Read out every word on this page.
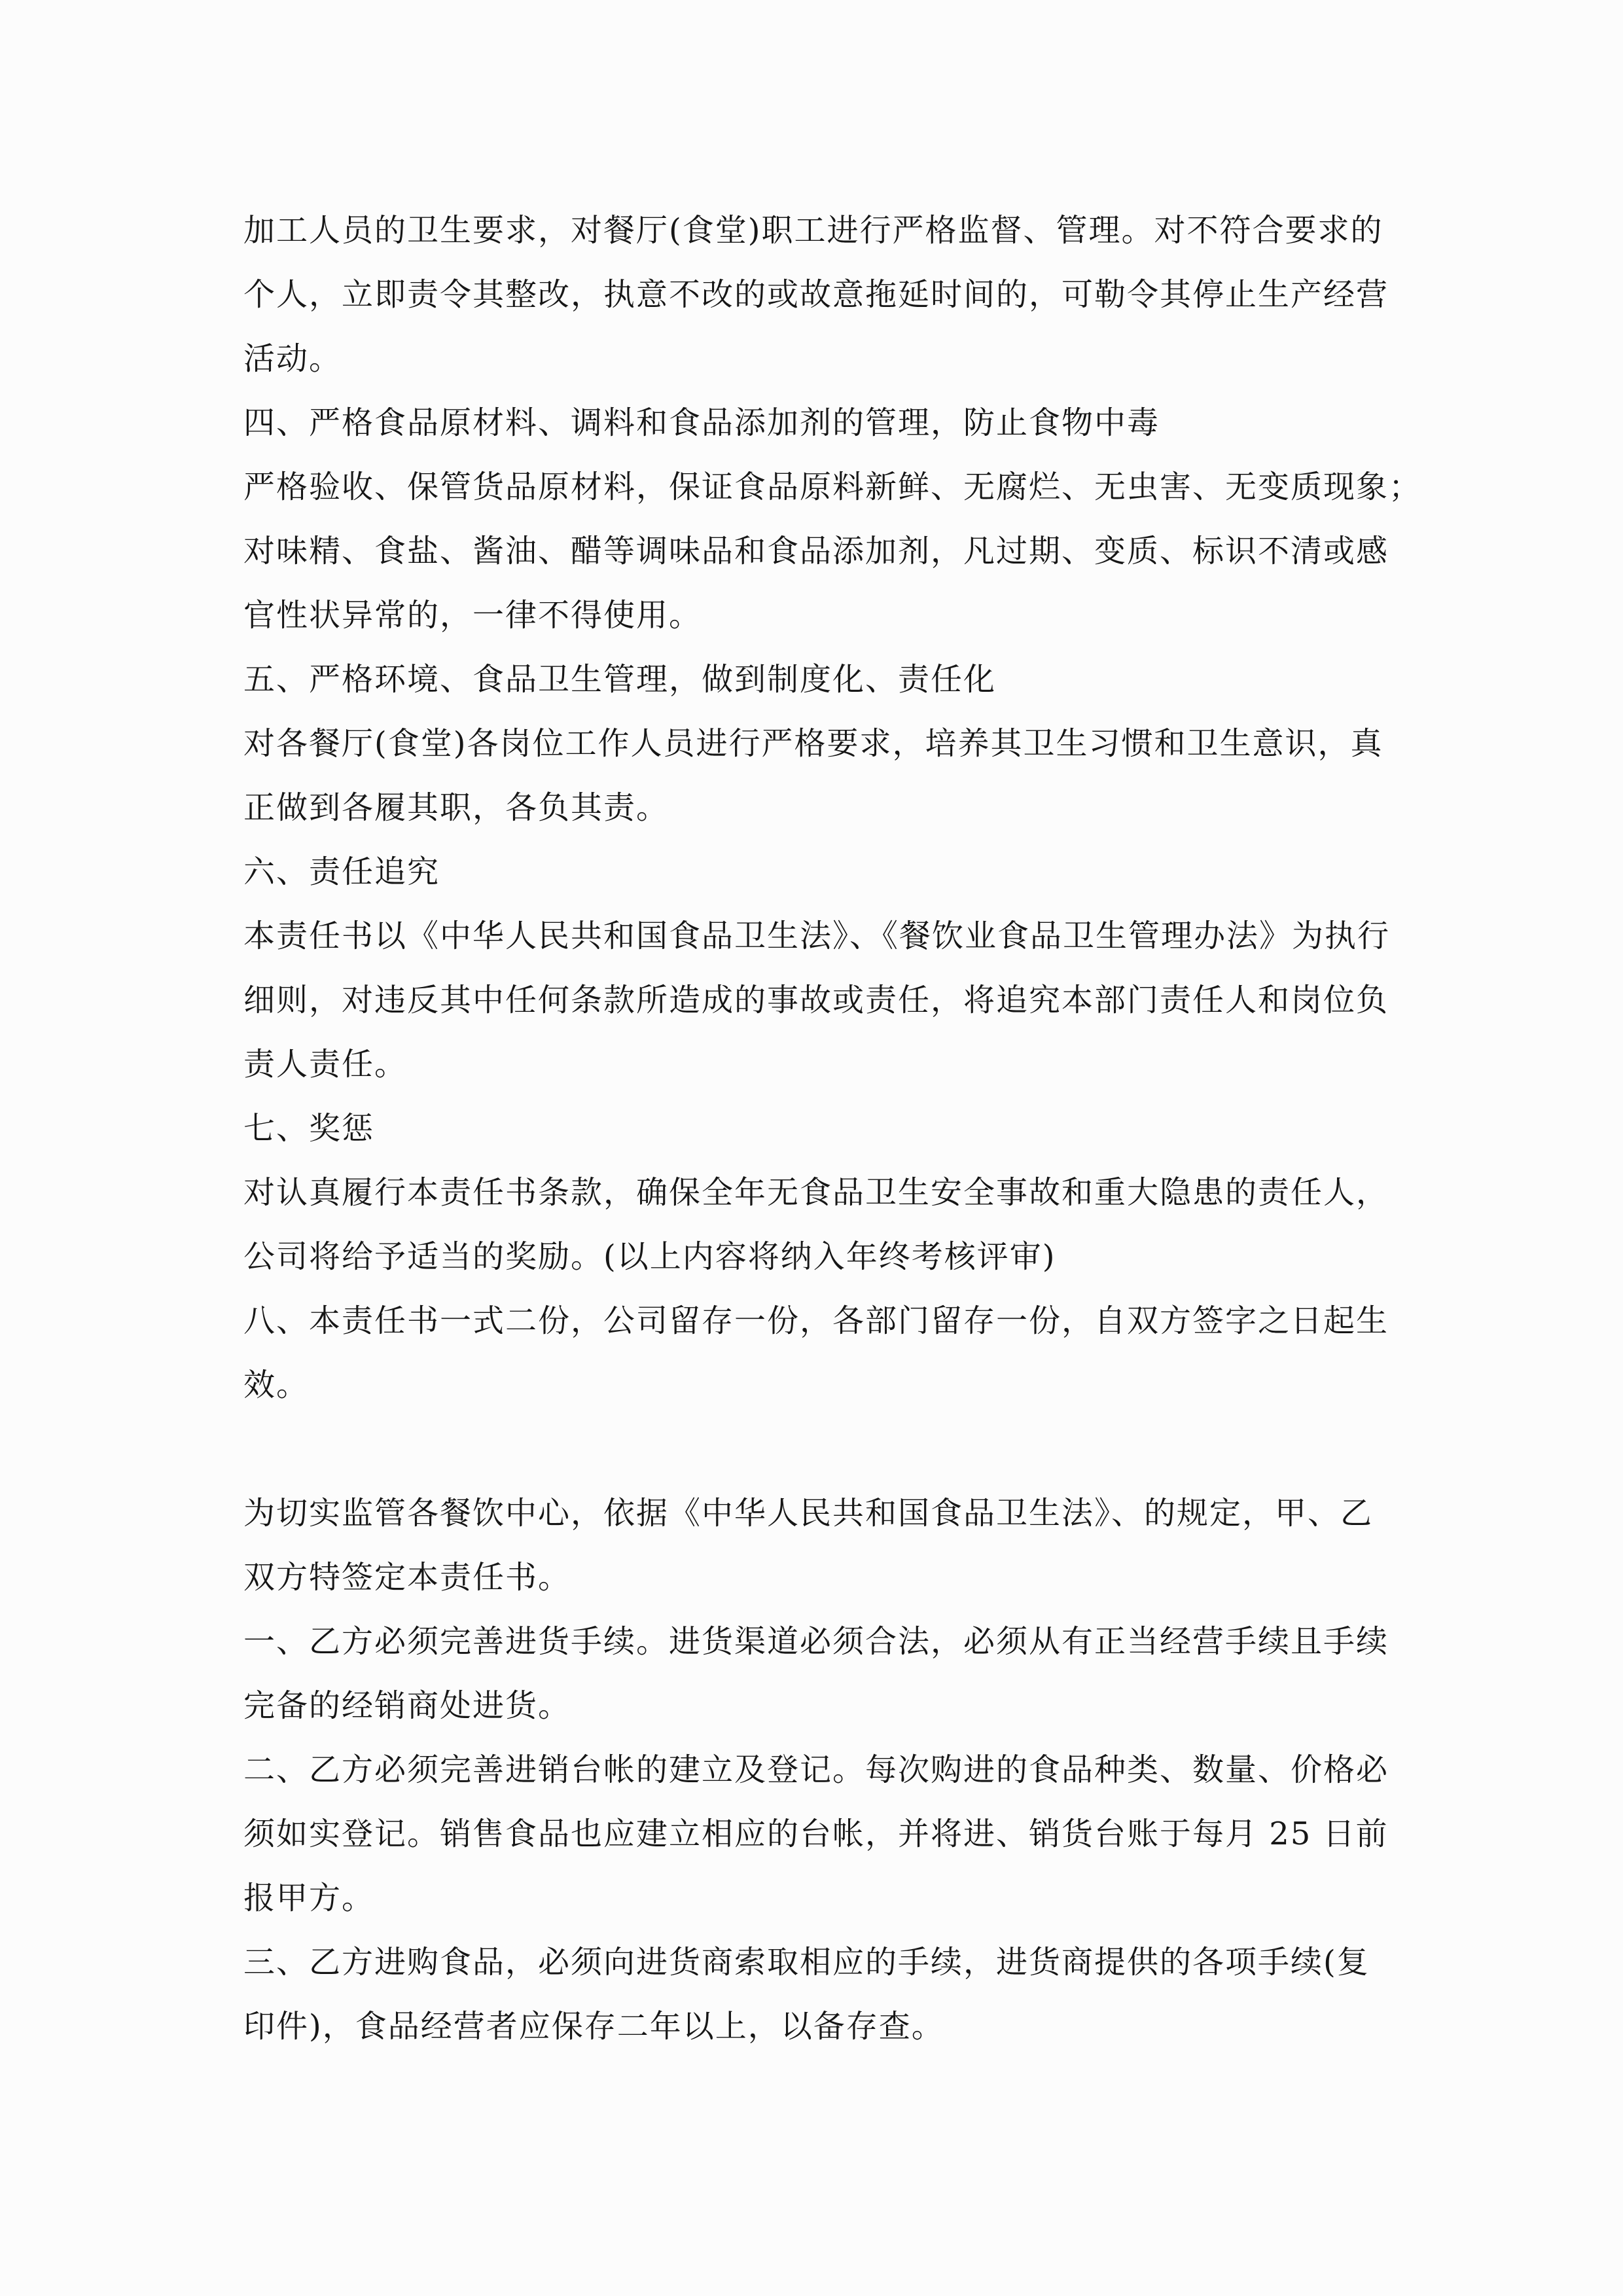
加工人员的卫生要求，对餐厅(食堂)职工进行严格监督、管理。对不符合要求的
个人，立即责令其整改，执意不改的或故意拖延时间的，可勒令其停止生产经营
活动。
四、严格食品原材料、调料和食品添加剂的管理，防止食物中毒
严格验收、保管货品原材料，保证食品原料新鲜、无腐烂、无虫害、无变质现象；
对味精、食盐、酱油、醋等调味品和食品添加剂，凡过期、变质、标识不清或感
官性状异常的，一律不得使用。
五、严格环境、食品卫生管理，做到制度化、责任化
对各餐厅(食堂)各岗位工作人员进行严格要求，培养其卫生习惯和卫生意识，真
正做到各履其职，各负其责。
六、责任追究
本责任书以《中华人民共和国食品卫生法》、《餐饮业食品卫生管理办法》为执行
细则，对违反其中任何条款所造成的事故或责任，将追究本部门责任人和岗位负
责人责任。
七、奖惩
对认真履行本责任书条款，确保全年无食品卫生安全事故和重大隐患的责任人，
公司将给予适当的奖励。(以上内容将纳入年终考核评审)
八、本责任书一式二份，公司留存一份，各部门留存一份，自双方签字之日起生
效。
为切实监管各餐饮中心，依据《中华人民共和国食品卫生法》、的规定，甲、乙
双方特签定本责任书。
一、乙方必须完善进货手续。进货渠道必须合法，必须从有正当经营手续且手续
完备的经销商处进货。
二、乙方必须完善进销台帐的建立及登记。每次购进的食品种类、数量、价格必
须如实登记。销售食品也应建立相应的台帐，并将进、销货台账于每月 25 日前
报甲方。
三、乙方进购食品，必须向进货商索取相应的手续，进货商提供的各项手续(复
印件)，食品经营者应保存二年以上，以备存查。
